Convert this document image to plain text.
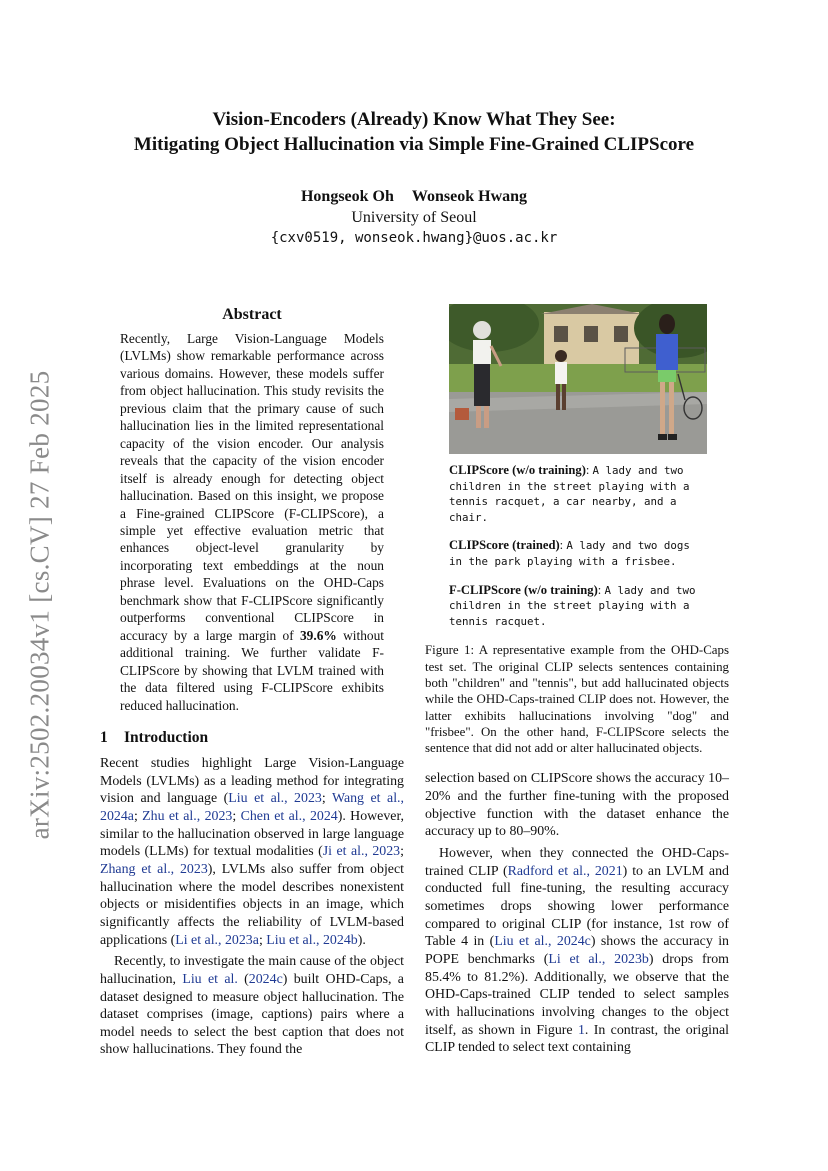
arXiv:2502.20034v1 [cs.CV] 27 Feb 2025
Vision-Encoders (Already) Know What They See:
Mitigating Object Hallucination via Simple Fine-Grained CLIPScore
Hongseok Oh Wonseok Hwang
University of Seoul
{cxv0519, wonseok.hwang}@uos.ac.kr
Abstract

Recently, Large Vision-Language Models (LVLMs) show remarkable performance across various domains. However, these models suffer from object hallucination. This study revisits the previous claim that the primary cause of such hallucination lies in the limited representational capacity of the vision encoder. Our analysis reveals that the capacity of the vision encoder itself is already enough for detecting object hallucination. Based on this insight, we propose a Fine-grained CLIPScore (F-CLIPScore), a simple yet effective evaluation metric that enhances object-level granularity by incorporating text embeddings at the noun phrase level. Evaluations on the OHD-Caps benchmark show that F-CLIPScore significantly outperforms conventional CLIPScore in accuracy by a large margin of 39.6% without additional training. We further validate F-CLIPScore by showing that LVLM trained with the data filtered using F-CLIPScore exhibits reduced hallucination.

1 Introduction

Recent studies highlight Large Vision-Language Models (LVLMs) as a leading method for integrating vision and language (Liu et al., 2023; Wang et al., 2024a; Zhu et al., 2023; Chen et al., 2024). However, similar to the hallucination observed in large language models (LLMs) for textual modalities (Ji et al., 2023; Zhang et al., 2023), LVLMs also suffer from object hallucination where the model describes nonexistent objects or misidentifies objects in an image, which significantly affects the reliability of LVLM-based applications (Li et al., 2023a; Liu et al., 2024b).

Recently, to investigate the main cause of the object hallucination, Liu et al. (2024c) built OHD-Caps, a dataset designed to measure object hallucination. The dataset comprises (image, captions) pairs where a model needs to select the best caption that does not show hallucinations. They found the

CLIPScore (w/o training): A lady and two children in the street playing with a tennis racquet, a car nearby, and a chair.
CLIPScore (trained): A lady and two dogs in the park playing with a frisbee.
F-CLIPScore (w/o training): A lady and two children in the street playing with a tennis racquet.

Figure 1: A representative example from the OHD-Caps test set. The original CLIP selects sentences containing both "children" and "tennis", but add hallucinated objects while the OHD-Caps-trained CLIP does not. However, the latter exhibits hallucinations involving "dog" and "frisbee". On the other hand, F-CLIPScore selects the sentence that did not add or alter hallucinated objects.

selection based on CLIPScore shows the accuracy 10–20% and the further fine-tuning with the proposed objective function with the dataset enhance the accuracy up to 80–90%.

However, when they connected the OHD-Caps-trained CLIP (Radford et al., 2021) to an LVLM and conducted full fine-tuning, the resulting accuracy sometimes drops showing lower performance compared to original CLIP (for instance, 1st row of Table 4 in (Liu et al., 2024c) shows the accuracy in POPE benchmarks (Li et al., 2023b) drops from 85.4% to 81.2%). Additionally, we observe that the OHD-Caps-trained CLIP tended to select samples with hallucinations involving changes to the object itself, as shown in Figure 1. In contrast, the original CLIP tended to select text containing
